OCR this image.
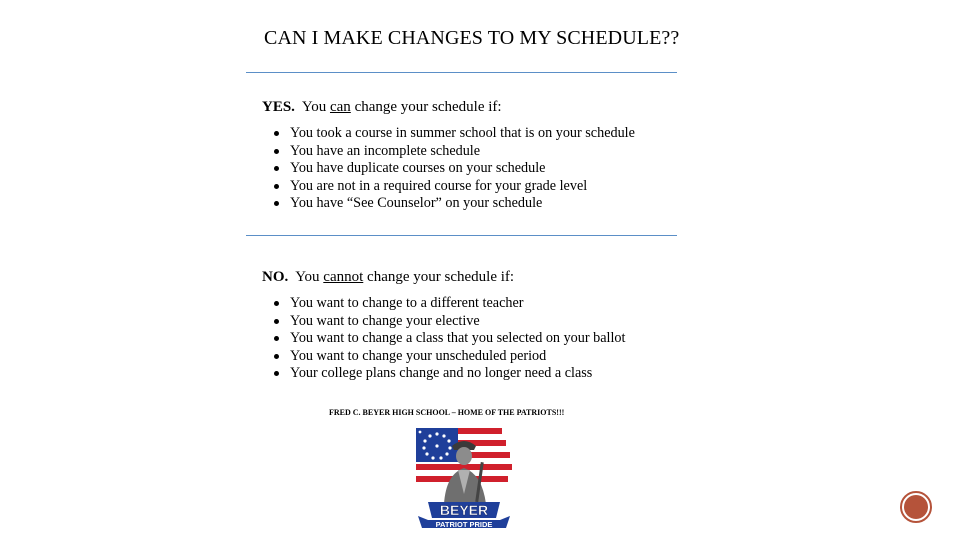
CAN I MAKE CHANGES TO MY SCHEDULE??
YES. You can change your schedule if:
You took a course in summer school that is on your schedule
You have an incomplete schedule
You have duplicate courses on your schedule
You are not in a required course for your grade level
You have “See Counselor” on your schedule
NO. You cannot change your schedule if:
You want to change to a different teacher
You want to change your elective
You want to change a class that you selected on your ballot
You want to change your unscheduled period
Your college plans change and no longer need a class
FRED C. BEYER HIGH SCHOOL – HOME OF THE PATRIOTS!!!
BEYER
PATRIOT PRIDE
